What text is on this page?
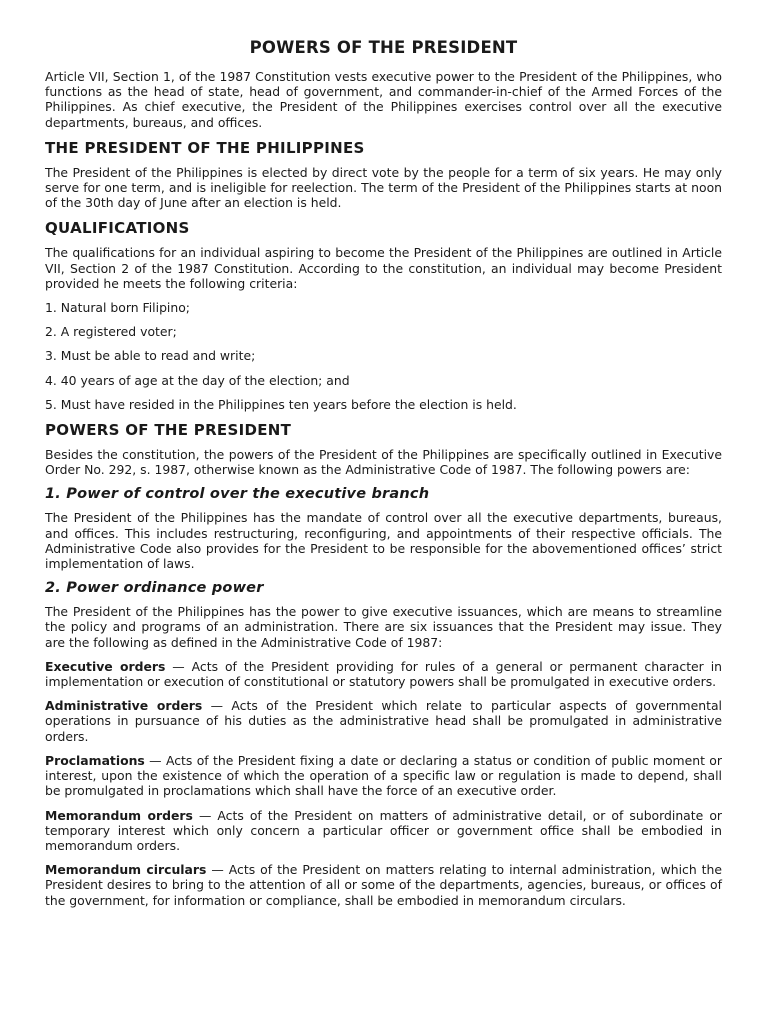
POWERS OF THE PRESIDENT

Article VII, Section 1, of the 1987 Constitution vests executive power to the President of the Philippines, who functions as the head of state, head of government, and commander-in-chief of the Armed Forces of the Philippines. As chief executive, the President of the Philippines exercises control over all the executive departments, bureaus, and offices.

THE PRESIDENT OF THE PHILIPPINES

The President of the Philippines is elected by direct vote by the people for a term of six years. He may only serve for one term, and is ineligible for reelection. The term of the President of the Philippines starts at noon of the 30th day of June after an election is held.

QUALIFICATIONS

The qualifications for an individual aspiring to become the President of the Philippines are outlined in Article VII, Section 2 of the 1987 Constitution. According to the constitution, an individual may become President provided he meets the following criteria:

1. Natural born Filipino;

2. A registered voter;

3. Must be able to read and write;

4. 40 years of age at the day of the election; and

5. Must have resided in the Philippines ten years before the election is held.

POWERS OF THE PRESIDENT

Besides the constitution, the powers of the President of the Philippines are specifically outlined in Executive Order No. 292, s. 1987, otherwise known as the Administrative Code of 1987. The following powers are:

1. Power of control over the executive branch

The President of the Philippines has the mandate of control over all the executive departments, bureaus, and offices. This includes restructuring, reconfiguring, and appointments of their respective officials. The Administrative Code also provides for the President to be responsible for the abovementioned offices’ strict implementation of laws.

2. Power ordinance power

The President of the Philippines has the power to give executive issuances, which are means to streamline the policy and programs of an administration. There are six issuances that the President may issue. They are the following as defined in the Administrative Code of 1987:

Executive orders — Acts of the President providing for rules of a general or permanent character in implementation or execution of constitutional or statutory powers shall be promulgated in executive orders.

Administrative orders — Acts of the President which relate to particular aspects of governmental operations in pursuance of his duties as the administrative head shall be promulgated in administrative orders.

Proclamations — Acts of the President fixing a date or declaring a status or condition of public moment or interest, upon the existence of which the operation of a specific law or regulation is made to depend, shall be promulgated in proclamations which shall have the force of an executive order.

Memorandum orders — Acts of the President on matters of administrative detail, or of subordinate or temporary interest which only concern a particular officer or government office shall be embodied in memorandum orders.

Memorandum circulars — Acts of the President on matters relating to internal administration, which the President desires to bring to the attention of all or some of the departments, agencies, bureaus, or offices of the government, for information or compliance, shall be embodied in memorandum circulars.
